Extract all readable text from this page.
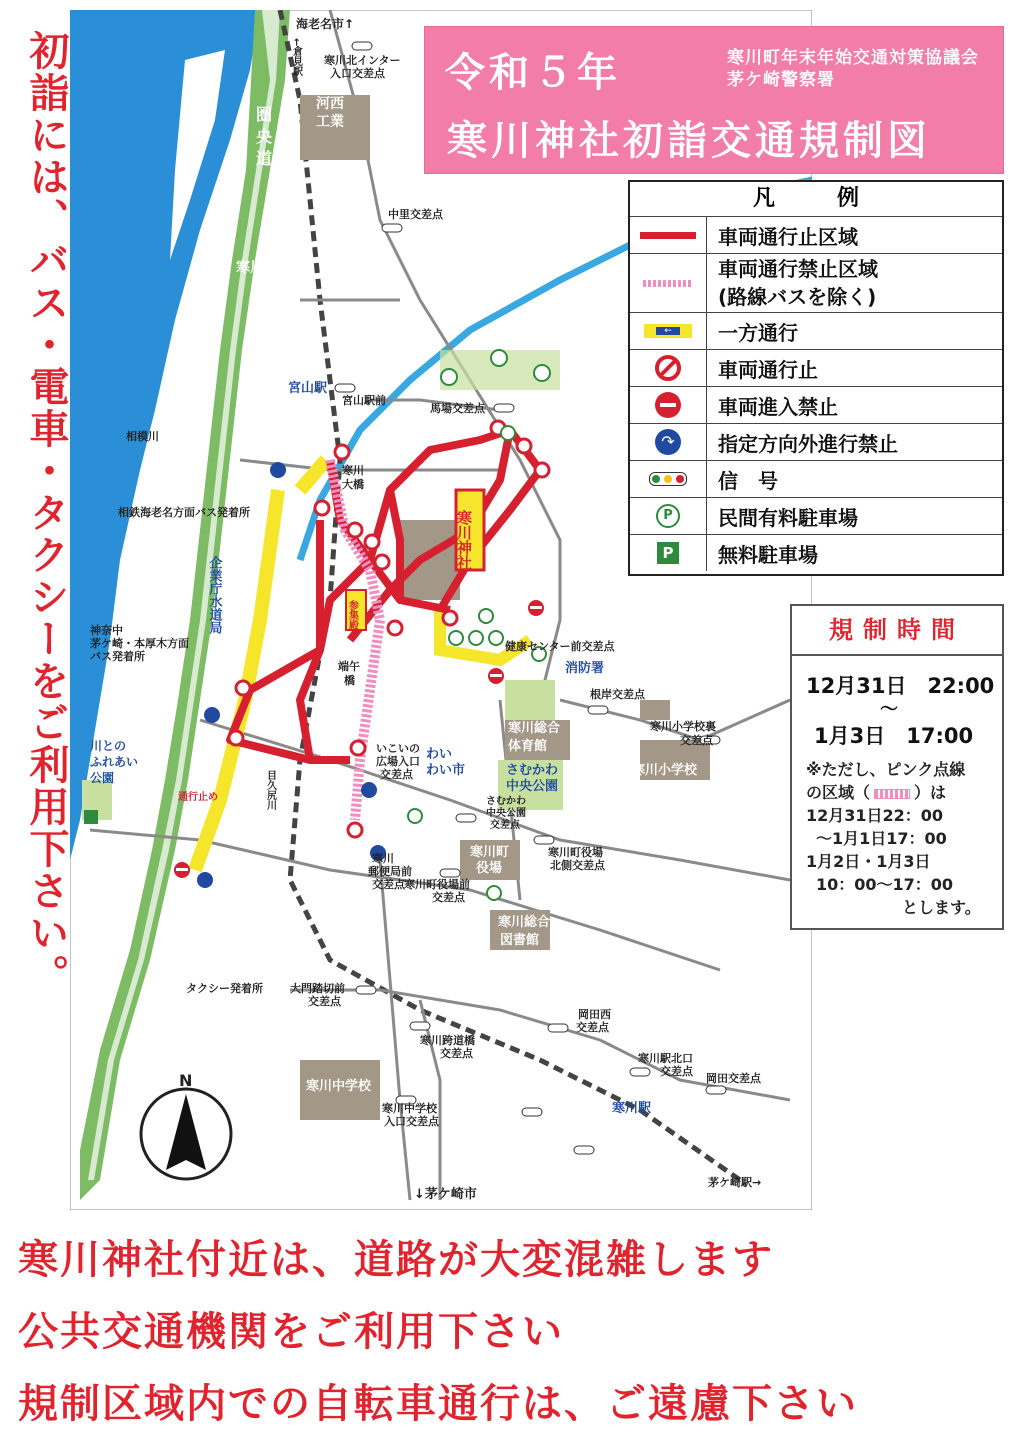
初詣には、バス・電車・タクシーをご利用下さい。
海老名市↑
寒川北インター
入口交差点
河西
工業
圏
央
道
寒川北
中里交差点
宮山駅
宮山駅前
馬場交差点
相模川
寒川
大橋
相鉄海老名方面バス発着所
神奈中
茅ケ崎・本厚木方面
バス発着所
健康センター前交差点
消防署
端午
橋
根岸交差点
寒川総合
体育館
寒川小学校裏
交差点
寒川小学校
川との
ふれあい
公園
いこいの
広場入口
交差点
わい
わい市	さむかわ
中央公園
通行止め
寒川
病院
さむかわ
中央公園
交差点
寒川町
役場
寒川町役場
北側交差点
寒川
郵便局前
交差点 寒川町役場前
交差点
寒川総合
図書館
タクシー発着所 大門踏切前
交差点
岡田西
交差点
寒川跨道橋
交差点	寒川駅北口
交差点
岡田交差点
寒川中学校
寒川中学校
入口交差点
寒川駅
↓茅ケ崎市
茅ケ崎駅→
N
寒川神社
参集殿
企業庁水道局
←倉見駅
目久尻川
令和５年	寒川町年末年始交通対策協議会
茅ケ崎警察署
寒川神社初詣交通規制図
凡　例
車両通行止区域
車両通行禁止区域
(路線バスを除く)
←	一方通行
車両通行止
車両進入禁止
↷	指定方向外進行禁止
信　号
P	民間有料駐車場
P 無料駐車場
規制時間
12月31日　22:00
～
1月3日　17:00
※ただし、ピンク点線
の区域（	）は
12月31日22：00
～1月1日17：00
1月2日・1月3日
10：00～17：00
とします。
寒川神社付近は、道路が大変混雑します
公共交通機関をご利用下さい
規制区域内での自転車通行は、ご遠慮下さい
